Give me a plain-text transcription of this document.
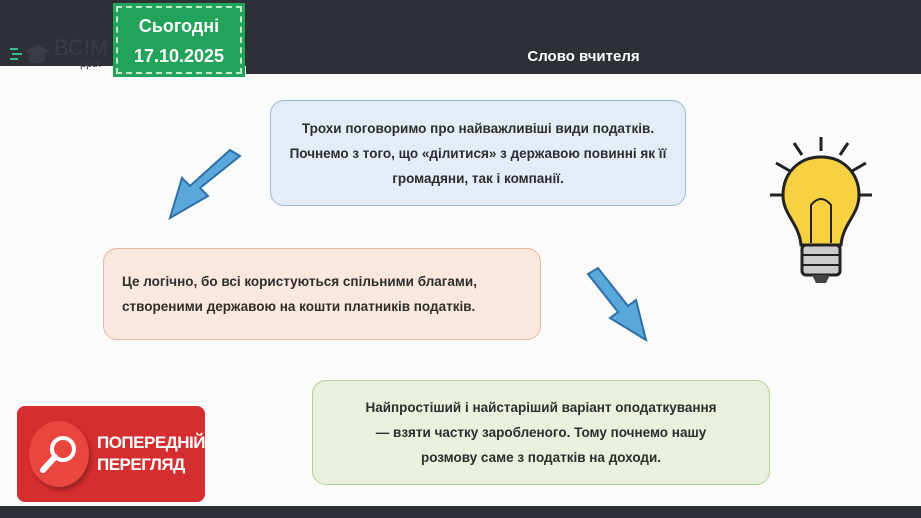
Слово вчителя
ВСІМ
pptx
Сьогодні
17.10.2025
Трохи поговоримо про найважливіші види податків. Почнемо з того, що «ділитися» з державою повинні як її громадяни, так і компанії.
Це логічно, бо всі користуються спільними благами, створеними державою на кошти платників податків.
Найпростіший і найстаріший варіант оподаткування — взяти частку заробленого. Тому почнемо нашу розмову саме з податків на доходи.
ПОПЕРЕДНІЙ
ПЕРЕГЛЯД
